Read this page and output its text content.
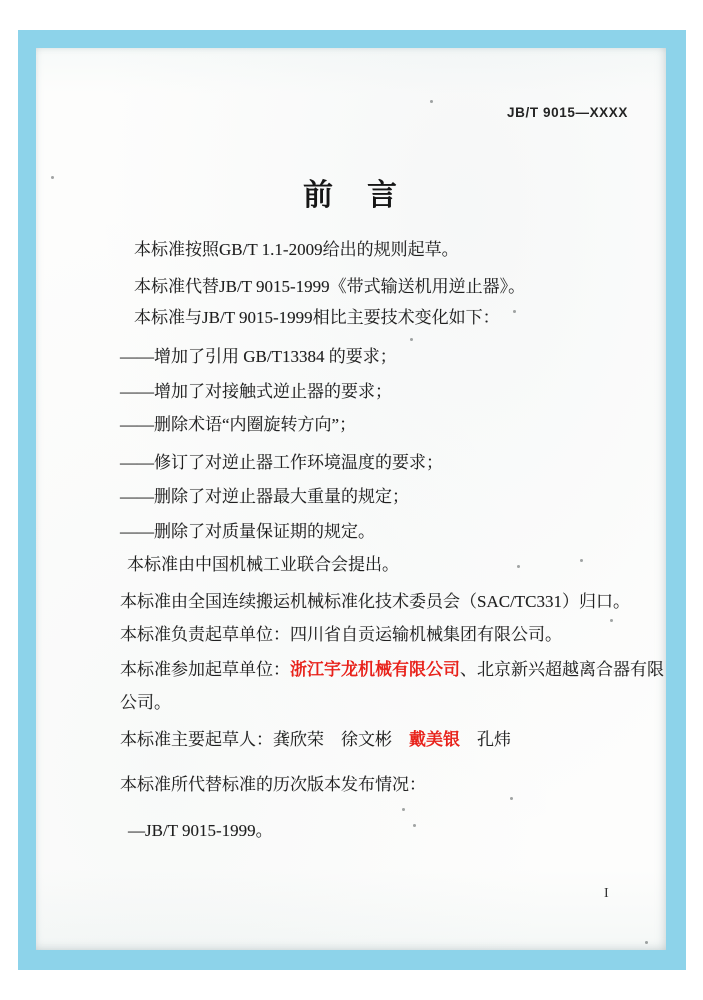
JB/T 9015—XXXX
前　言

本标准按照GB/T 1.1-2009给出的规则起草。

本标准代替JB/T 9015-1999《带式输送机用逆止器》。

本标准与JB/T 9015-1999相比主要技术变化如下：

——增加了引用 GB/T13384 的要求；

——增加了对接触式逆止器的要求；

——删除术语“内圈旋转方向”；

——修订了对逆止器工作环境温度的要求；

——删除了对逆止器最大重量的规定；

——删除了对质量保证期的规定。

本标准由中国机械工业联合会提出。

本标准由全国连续搬运机械标准化技术委员会（SAC/TC331）归口。

本标准负责起草单位：四川省自贡运输机械集团有限公司。

本标准参加起草单位：浙江宇龙机械有限公司、北京新兴超越离合器有限

公司。

本标准主要起草人：龚欣荣　徐文彬　戴美银　孔炜

本标准所代替标准的历次版本发布情况：

—JB/T 9015-1999。

I
